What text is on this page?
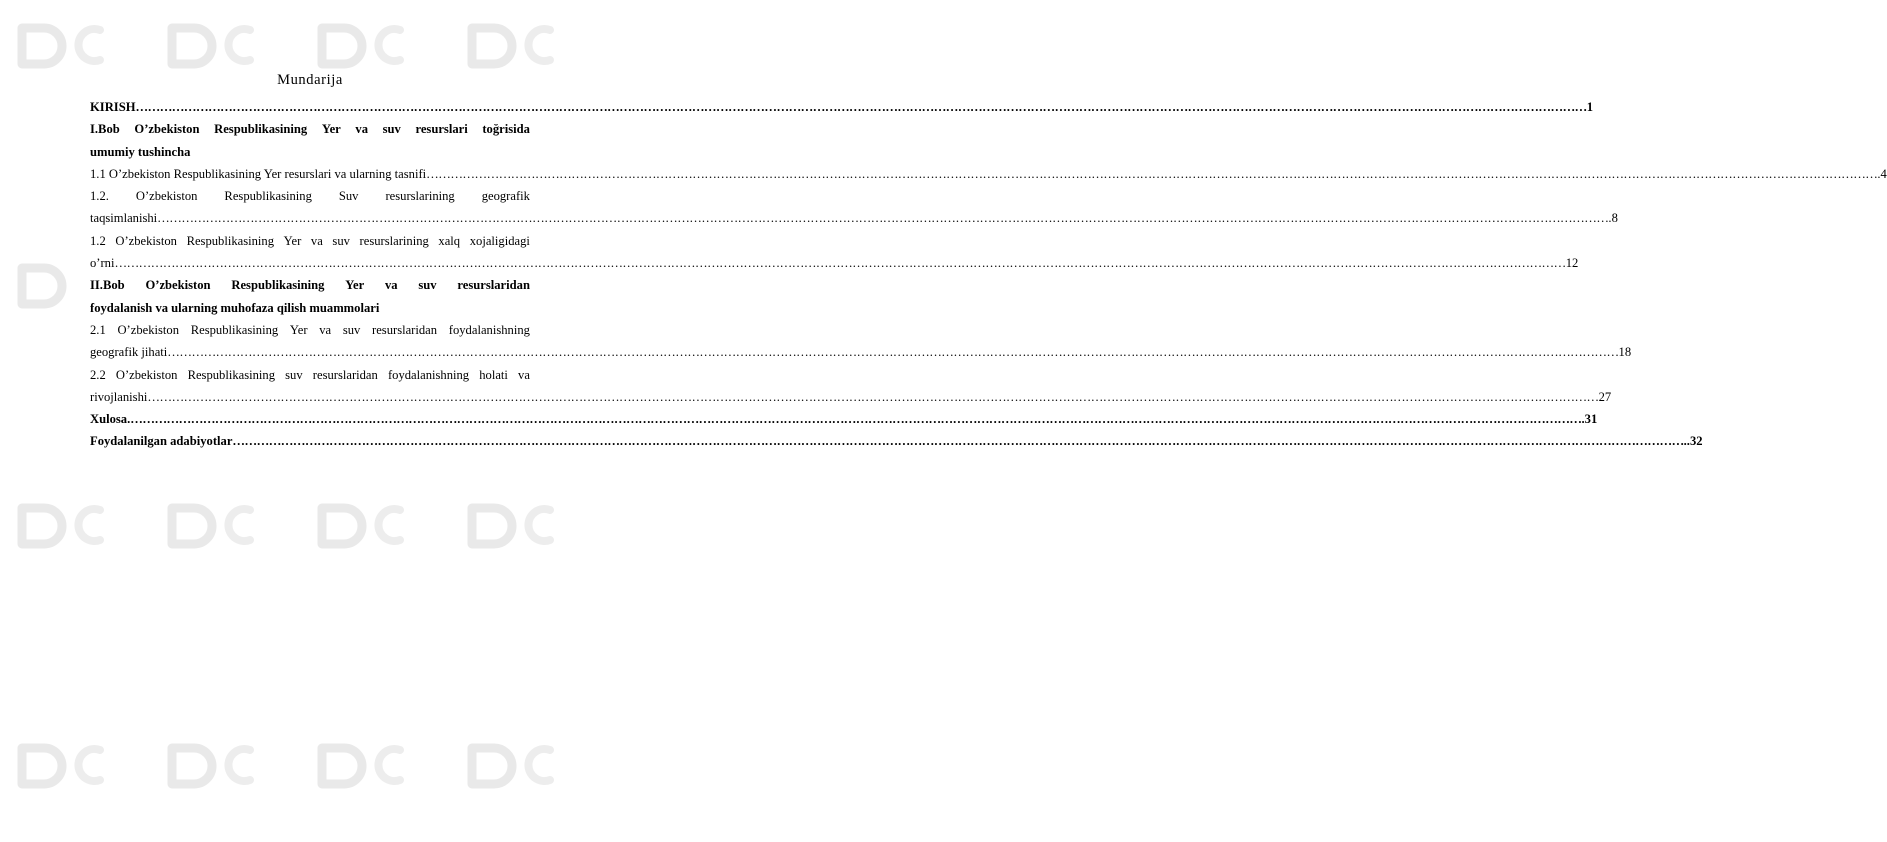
Mundarija
KIRISH ……………………………………………………………………………………………………………………………………………………………………………………………………………………………………………………………………………………………………………………………… 1
I.Bob O’zbekiston Respublikasining Yer va suv resurslari toğrisida
umumiy tushincha
1.1 O’zbekiston Respublikasining Yer resurslari va ularning tasnifi ……………………………………………………………………………………………………………………………………………………………………………………………………………………………………………………………………………………………………………………………… .4
1.2. O’zbekiston Respublikasining Suv resurslarining geografik
taqsimlanishi ……………………………………………………………………………………………………………………………………………………………………………………………………………………………………………………………………………………………………………………………… .8
1.2 O’zbekiston Respublikasining Yer va suv resurslarining xalq xojaligidagi
o’rni ……………………………………………………………………………………………………………………………………………………………………………………………………………………………………………………………………………………………………………………………… 12
II.Bob O’zbekiston Respublikasining Yer va suv resurslaridan
foydalanish va ularning muhofaza qilish muammolari
2.1 O’zbekiston Respublikasining Yer va suv resurslaridan foydalanishning
geografik jihati ……………………………………………………………………………………………………………………………………………………………………………………………………………………………………………………………………………………………………………………………… 18
2.2 O’zbekiston Respublikasining suv resurslaridan foydalanishning holati va
rivojlanishi ……………………………………………………………………………………………………………………………………………………………………………………………………………………………………………………………………………………………………………………………… 27
Xulosa. ……………………………………………………………………………………………………………………………………………………………………………………………………………………………………………………………………………………………………………………………… .31
Foydalanilgan adabiyotlar ……………………………………………………………………………………………………………………………………………………………………………………………………………………………………………………………………………………………………………………………… ..32
